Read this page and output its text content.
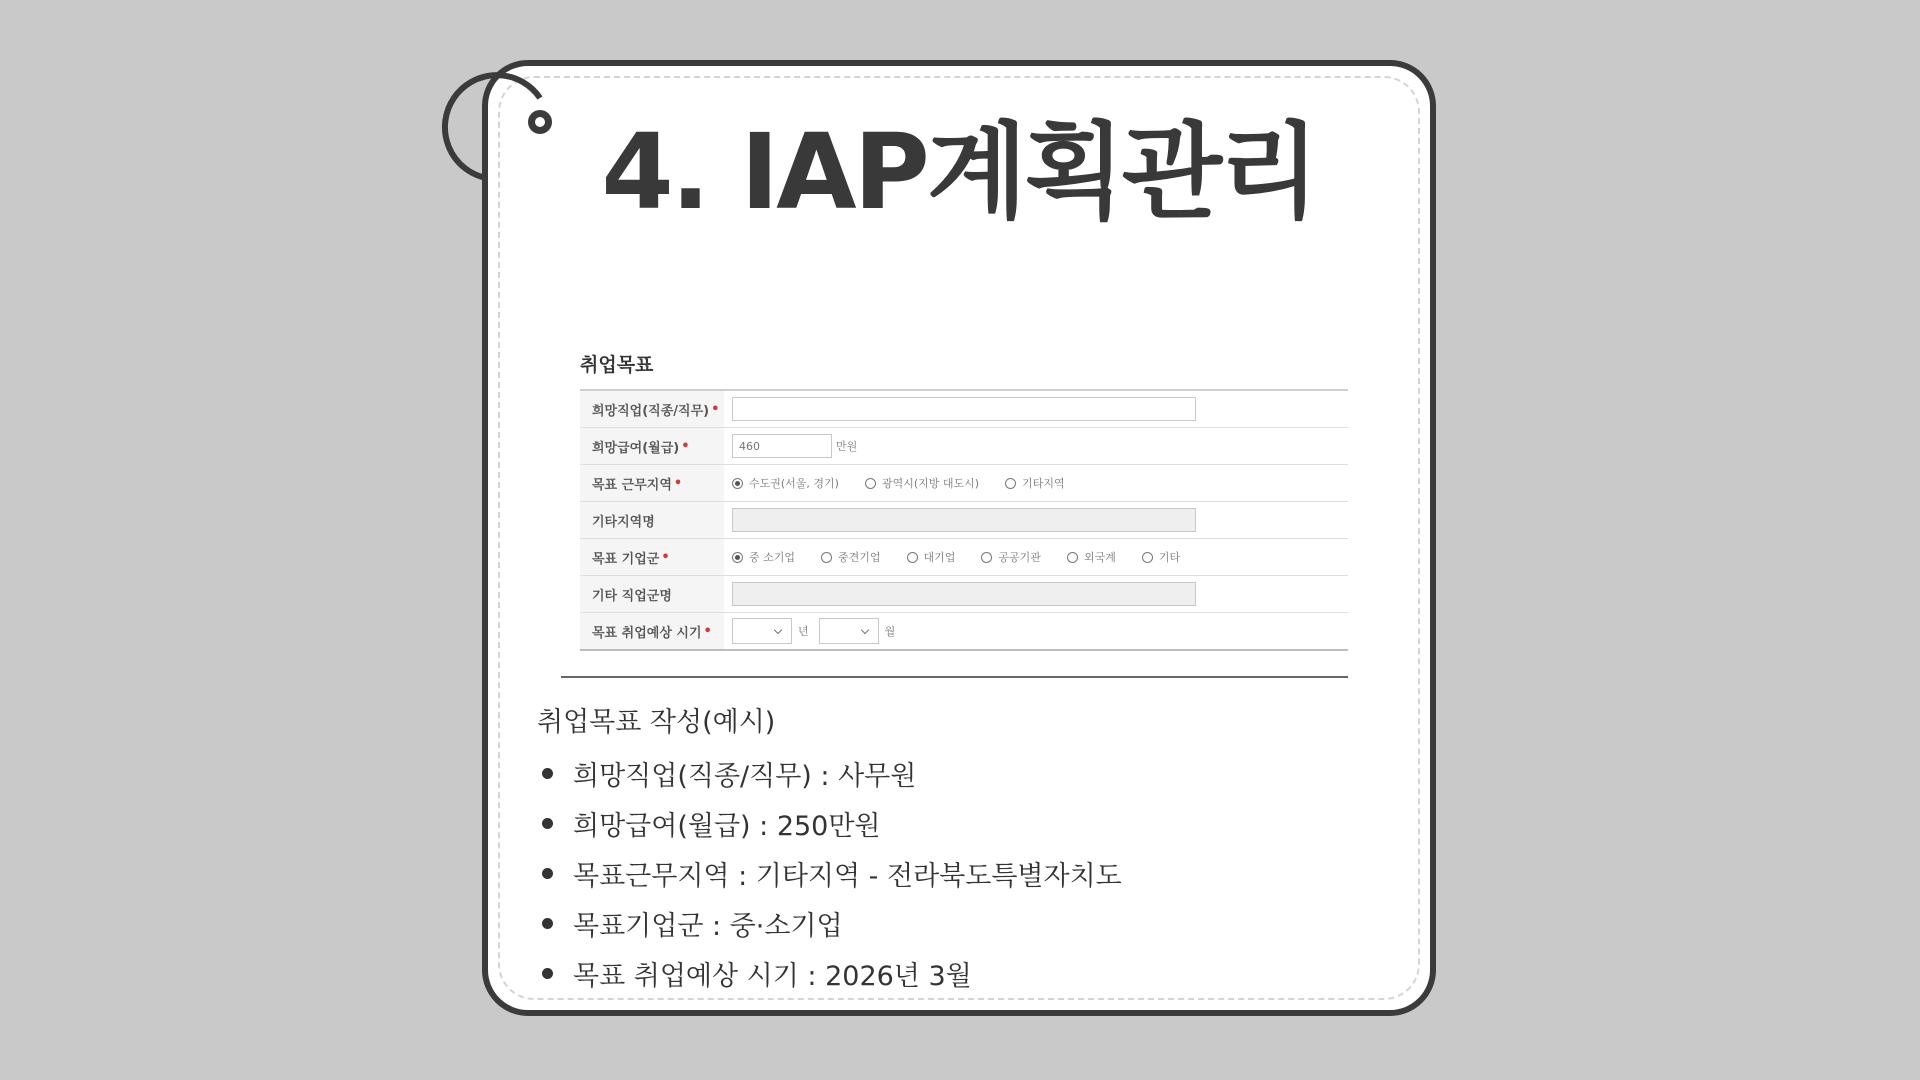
4. IAP계획관리
취업목표
희망직업(직종/직무) •
희망급여(월급) •	460	만원
목표 근무지역 •	수도권(서울, 경기)	광역시(지방 대도시)	기타지역
기타지역명
목표 기업군 •	중 소기업	중견기업	대기업	공공기관	외국계	기타
기타 직업군명
목표 취업예상 시기 •	년	월
취업목표 작성(예시)
희망직업(직종/직무) : 사무원
희망급여(월급) : 250만원
목표근무지역 : 기타지역 - 전라북도특별자치도
목표기업군 : 중·소기업
목표 취업예상 시기 : 2026년 3월
